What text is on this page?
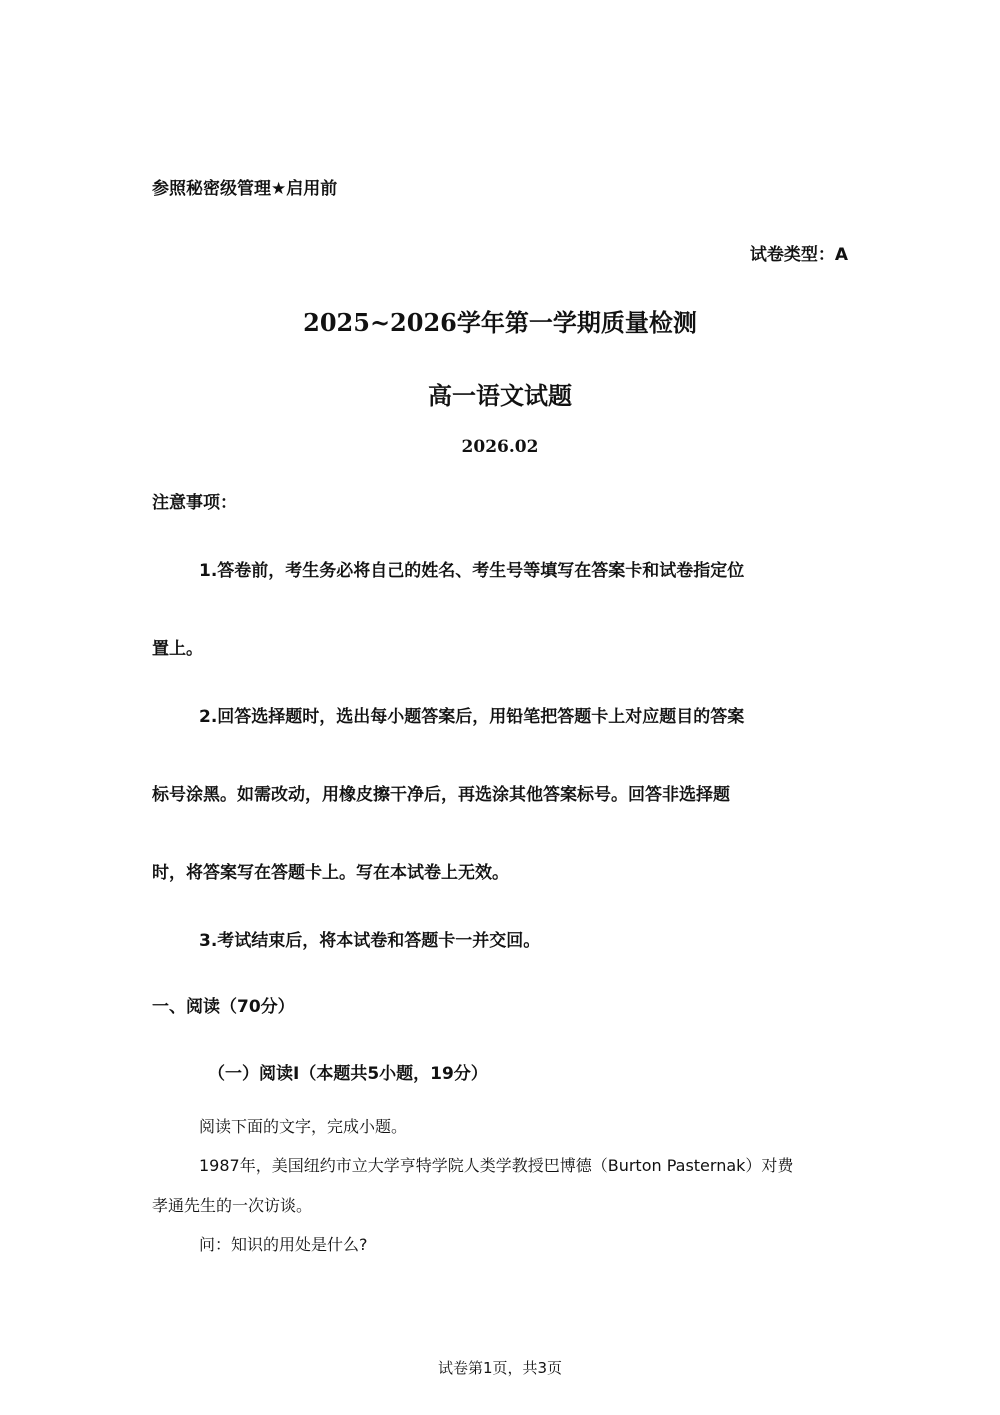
参照秘密级管理★启用前
试卷类型：A
2025~2026学年第一学期质量检测
高一语文试题
2026.02
注意事项：
1.答卷前，考生务必将自己的姓名、考生号等填写在答案卡和试卷指定位
置上。
2.回答选择题时，选出每小题答案后，用铅笔把答题卡上对应题目的答案
标号涂黑。如需改动，用橡皮擦干净后，再选涂其他答案标号。回答非选择题
时，将答案写在答题卡上。写在本试卷上无效。
3.考试结束后，将本试卷和答题卡一并交回。
一、阅读（70分）
（一）阅读I（本题共5小题，19分）
阅读下面的文字，完成小题。
1987年，美国纽约市立大学亨特学院人类学教授巴博德（Burton Pasternak）对费
孝通先生的一次访谈。
问：知识的用处是什么?
试卷第1页，共3页
